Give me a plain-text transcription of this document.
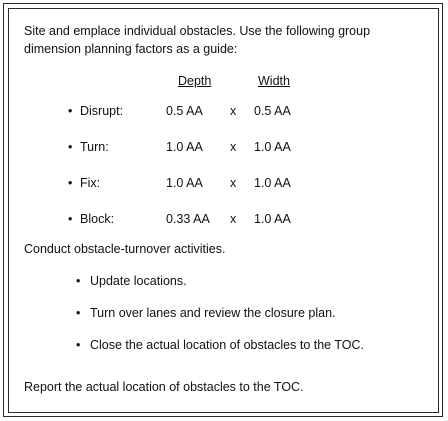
Site and emplace individual obstacles. Use the following group
dimension planning factors as a guide:

Depth	Width
• Disrupt:	0.5 AA x 0.5 AA
• Turn:	1.0 AA x 1.0 AA
• Fix:	1.0 AA x 1.0 AA
• Block:	0.33 AA x 1.0 AA
Conduct obstacle-turnover activities.
• Update locations.
• Turn over lanes and review the closure plan.
• Close the actual location of obstacles to the TOC.
Report the actual location of obstacles to the TOC.
